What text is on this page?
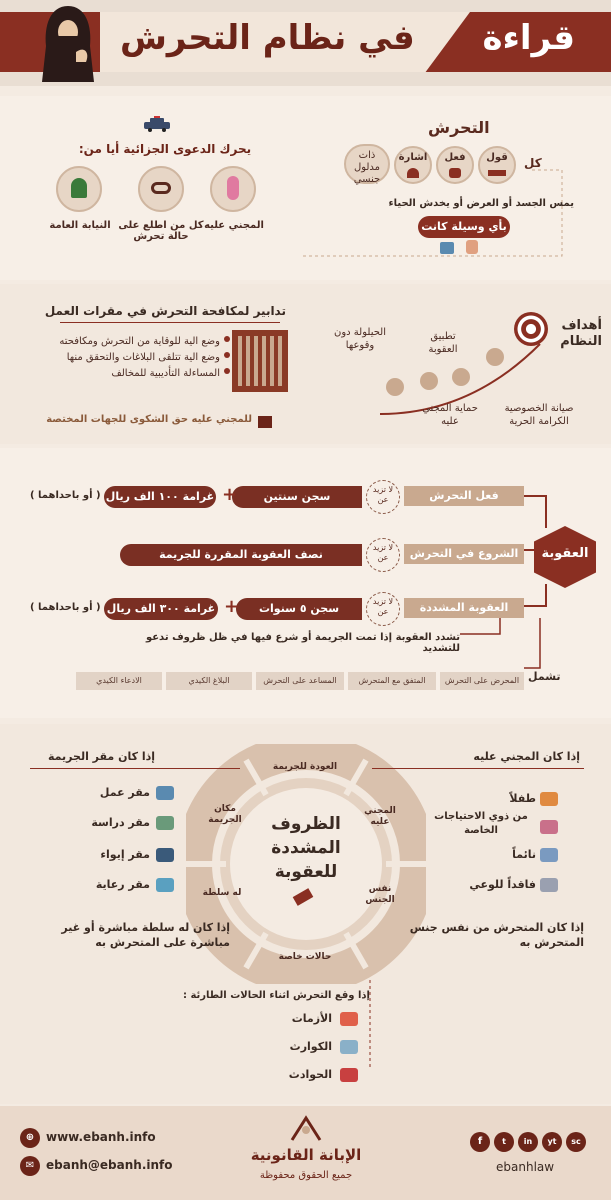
قراءة
في نظام التحرش
التحرش
كل
قول
فعل
اشارة
ذات مدلول جنسي
يمس الجسد أو العرض أو يخدش الحياء
بأي وسيلة كانت
يحرك الدعوى الجزائية أيا من:
المجني عليه
كل من اطلع على حالة تحرش
النيابة العامة
تدابير لمكافحة التحرش في مقرات العمل
وضع الية للوقاية من التحرش ومكافحته
وضع الية تتلقى البلاغات والتحقق منها
المساءلة التأديبية للمخالف
للمجني عليه حق الشكوى للجهات المختصة
أهداف النظام
صيانة الخصوصية الكرامة الحرية
حماية المجني عليه
تطبيق العقوبة
الحيلولة دون وقوعها
العقوبة
فعل التحرش
لا تزيد عن
سجن سنتين
+
غرامة ١٠٠ الف ريال
( أو باحداهما )
الشروع في التحرش
لا تزيد عن
نصف العقوبة المقررة للجريمة
العقوبة المشددة
لا تزيد عن
سجن ٥ سنوات
+
غرامة ٣٠٠ الف ريال
( أو باحداهما )
تشدد العقوبة إذا تمت الجريمة أو شرع فيها في ظل ظروف تدعو للتشديد
تشمل
المحرض على التحرش
المتفق مع المتحرش
المساعد على التحرش
البلاغ الكيدي
الادعاء الكيدي
الظروف
المشددة
للعقوبة
العودة للجريمة
المجني عليه
نفس الجنس
حالات خاصة
له سلطة
مكان الجريمة
إذا كان المجني عليه
طفلاً
من ذوي الاحتياجات الخاصة
نائماً
فاقداً للوعي
إذا كان مقر الجريمة
مقر عمل
مقر دراسة
مقر إيواء
مقر رعاية
إذا كان المتحرش من نفس جنس المتحرش به
إذا كان له سلطة مباشرة أو غير مباشرة على المتحرش به
إذا وقع التحرش اثناء الحالات الطارئة :
الأزمات
الكوارث
الحوادث
⊕ www.ebanh.info
✉ ebanh@ebanh.info
الإبانة القانونية
جميع الحقوق محفوظة
f	t	in	yt	sc
ebanhlaw
